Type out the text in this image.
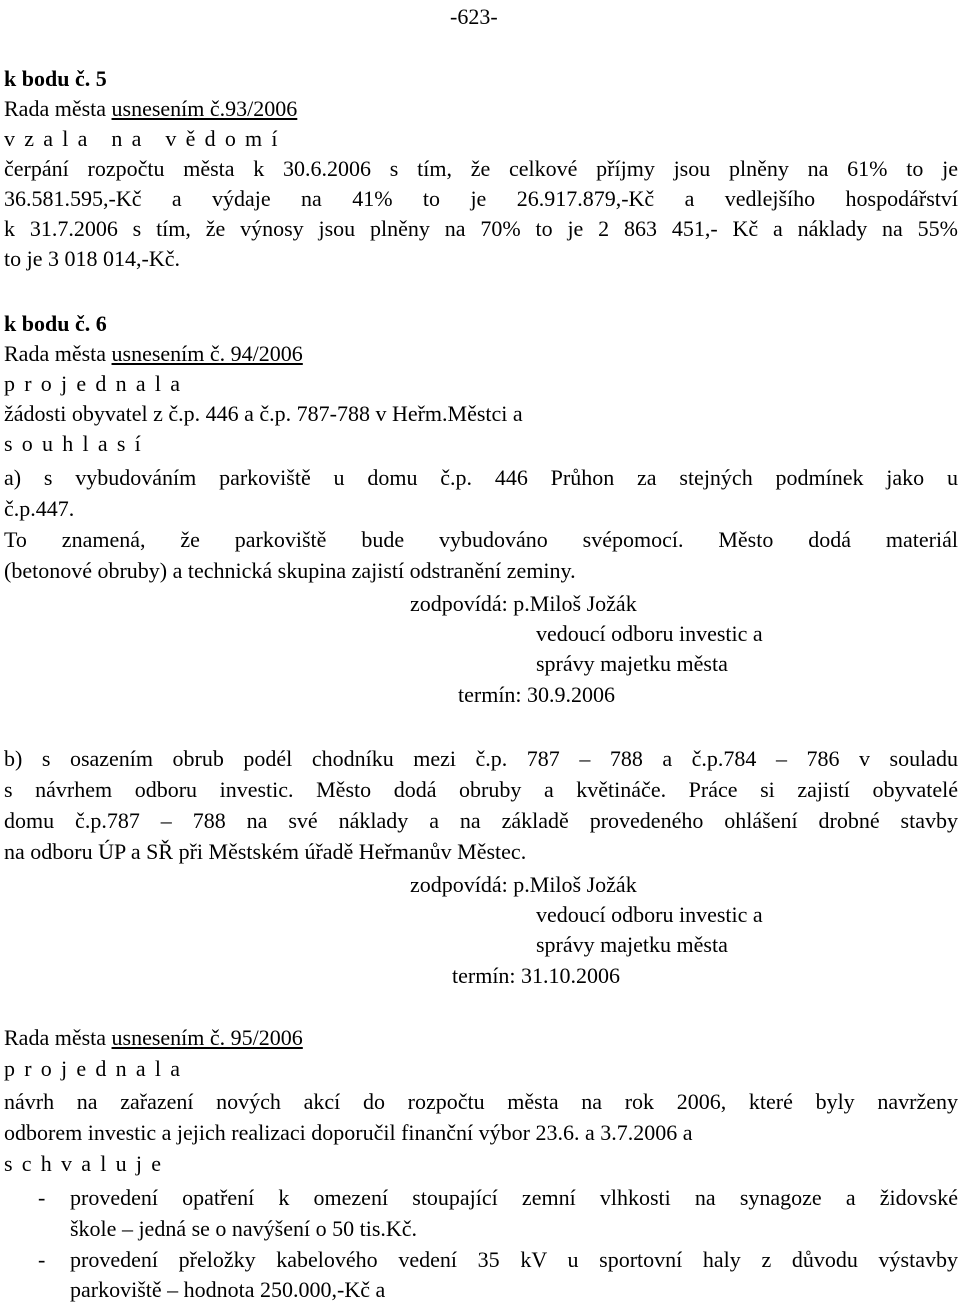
-623-
k bodu č. 5
Rada města usnesením č.93/2006
vzala na vědomí
čerpání rozpočtu města k 30.6.2006 s tím, že celkové příjmy jsou plněny na 61% to je
36.581.595,-Kč a výdaje na 41% to je 26.917.879,-Kč a vedlejšího hospodářství
k 31.7.2006 s tím, že výnosy jsou plněny na 70% to je 2 863 451,- Kč a náklady na 55%
to je 3 018 014,-Kč.
k bodu č. 6
Rada města usnesením č. 94/2006
projednala
žádosti obyvatel z č.p. 446 a č.p. 787-788 v Heřm.Městci a
souhlasí
a) s vybudováním parkoviště u domu č.p. 446 Průhon za stejných podmínek jako u
č.p.447.
To znamená, že parkoviště bude vybudováno svépomocí. Město dodá materiál
(betonové obruby) a technická skupina zajistí odstranění zeminy.
zodpovídá: p.Miloš Jožák
vedoucí odboru investic a
správy majetku města
termín: 30.9.2006
b) s osazením obrub podél chodníku mezi č.p. 787 – 788 a č.p.784 – 786 v souladu
s návrhem odboru investic. Město dodá obruby a květináče. Práce si zajistí obyvatelé
domu č.p.787 – 788 na své náklady a na základě provedeného ohlášení drobné stavby
na odboru ÚP a SŘ při Městském úřadě Heřmanův Městec.
zodpovídá: p.Miloš Jožák
vedoucí odboru investic a
správy majetku města
termín: 31.10.2006
Rada města usnesením č. 95/2006
projednala
návrh na zařazení nových akcí do rozpočtu města na rok 2006, které byly navrženy
odborem investic a jejich realizaci doporučil finanční výbor 23.6. a 3.7.2006 a
schvaluje
- provedení opatření k omezení stoupající zemní vlhkosti na synagoze a židovské
škole – jedná se o navýšení o 50 tis.Kč.
- provedení přeložky kabelového vedení 35 kV u sportovní haly z důvodu výstavby
parkoviště – hodnota 250.000,-Kč a
